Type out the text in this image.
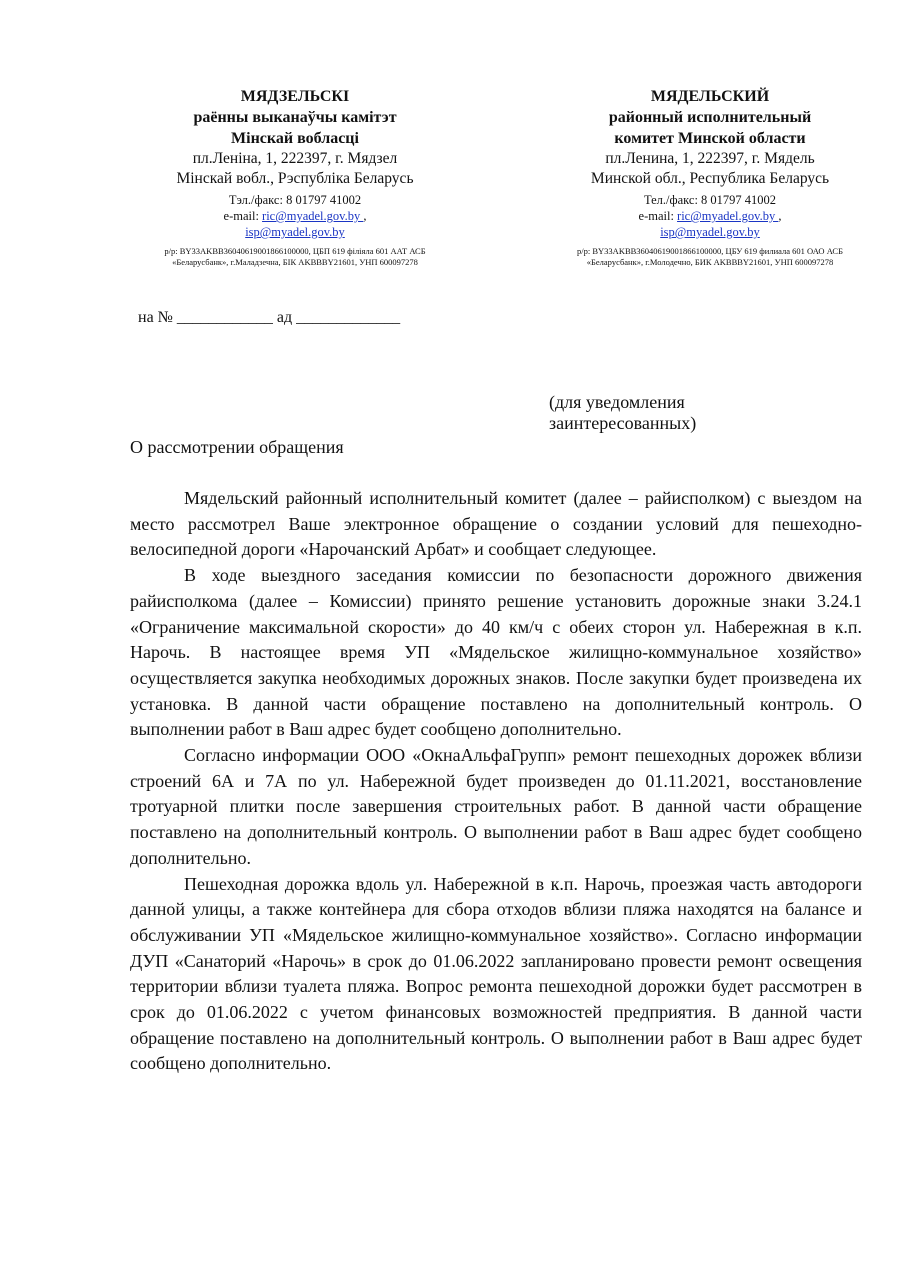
МЯДЗЕЛЬСКІ
раённы выканаўчы камітэт
Мінскай вобласці
пл.Леніна, 1, 222397, г. Мядзел
Мінскай вобл., Рэспубліка Беларусь
Тэл./факс: 8 01797 41002
e-mail: ric@myadel.gov.by ,
isp@myadel.gov.by
р/р: BY33AKBB36040619001866100000, ЦБП 619 філіяла 601 ААТ АСБ
«Беларусбанк», г.Маладзечна, БІК AKBBBY21601, УНП 600097278
МЯДЕЛЬСКИЙ
районный исполнительный
комитет Минской области
пл.Ленина, 1, 222397, г. Мядель
Минской обл., Республика Беларусь
Тел./факс: 8 01797 41002
e-mail: ric@myadel.gov.by ,
isp@myadel.gov.by
р/р: BY33AKBB36040619001866100000, ЦБУ 619 филиала 601 ОАО АСБ
«Беларусбанк», г.Молодечно, БИК AKBBBY21601, УНП 600097278
на № ____________ ад _____________
(для уведомления
заинтересованных)
О рассмотрении обращения

Мядельский районный исполнительный комитет (далее – райисполком) с выездом на место рассмотрел Ваше электронное обращение о создании условий для пешеходно-велосипедной дороги «Нарочанский Арбат» и сообщает следующее.

В ходе выездного заседания комиссии по безопасности дорожного движения райисполкома (далее – Комиссии) принято решение установить дорожные знаки 3.24.1 «Ограничение максимальной скорости» до 40 км/ч с обеих сторон ул. Набережная в к.п. Нарочь. В настоящее время УП «Мядельское жилищно-коммунальное хозяйство» осуществляется закупка необходимых дорожных знаков. После закупки будет произведена их установка. В данной части обращение поставлено на дополнительный контроль. О выполнении работ в Ваш адрес будет сообщено дополнительно.

Согласно информации ООО «ОкнаАльфаГрупп» ремонт пешеходных дорожек вблизи строений 6А и 7А по ул. Набережной будет произведен до 01.11.2021, восстановление тротуарной плитки после завершения строительных работ. В данной части обращение поставлено на дополнительный контроль. О выполнении работ в Ваш адрес будет сообщено дополнительно.

Пешеходная дорожка вдоль ул. Набережной в к.п. Нарочь, проезжая часть автодороги данной улицы, а также контейнера для сбора отходов вблизи пляжа находятся на балансе и обслуживании УП «Мядельское жилищно-коммунальное хозяйство». Согласно информации ДУП «Санаторий «Нарочь» в срок до 01.06.2022 запланировано провести ремонт освещения территории вблизи туалета пляжа. Вопрос ремонта пешеходной дорожки будет рассмотрен в срок до 01.06.2022 с учетом финансовых возможностей предприятия. В данной части обращение поставлено на дополнительный контроль. О выполнении работ в Ваш адрес будет сообщено дополнительно.
